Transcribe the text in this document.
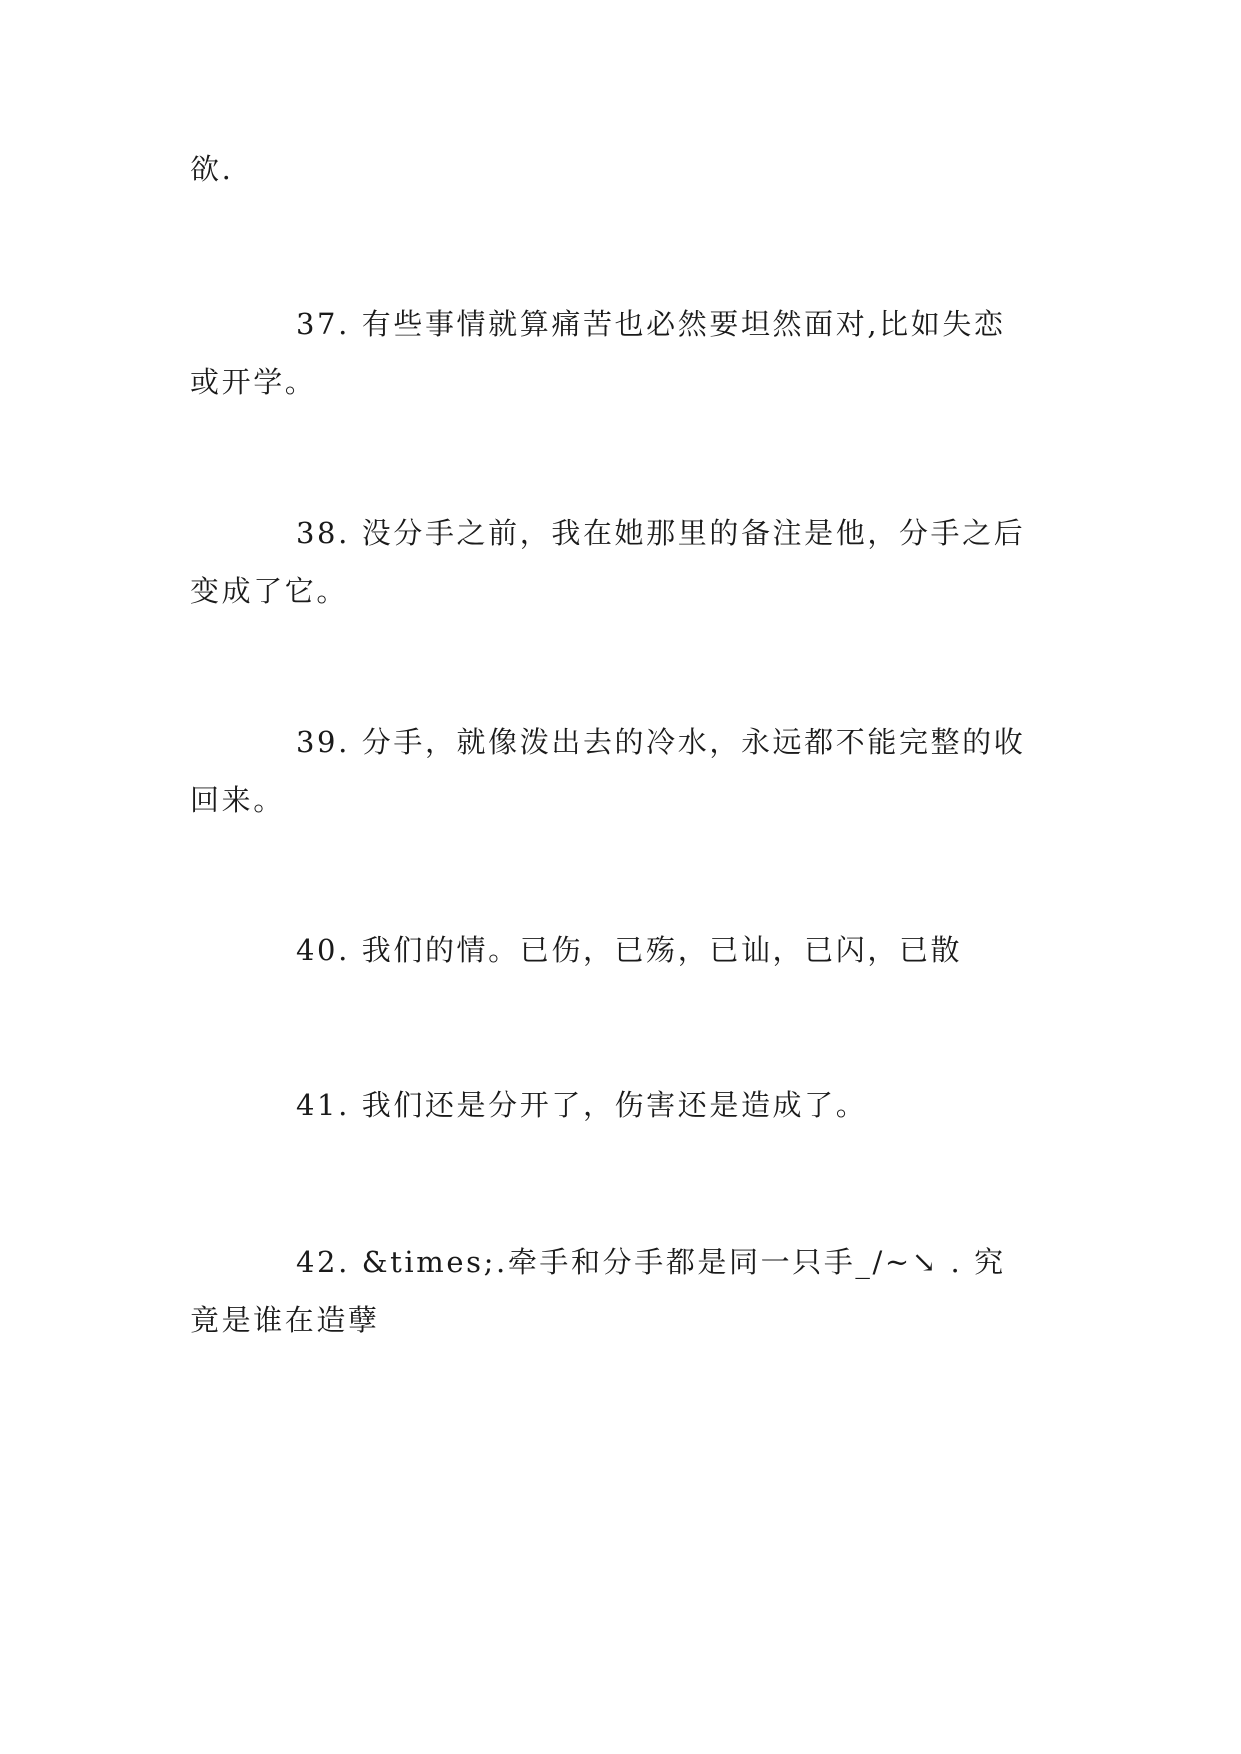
欲.

37. 有些事情就算痛苦也必然要坦然面对,比如失恋
或开学。

38. 没分手之前，我在她那里的备注是他，分手之后
变成了它。

39. 分手，就像泼出去的冷水，永远都不能完整的收
回来。

40. 我们的情。已伤，已殇，已讪，已闪，已散

41. 我们还是分开了，伤害还是造成了。

42. &times;.牵手和分手都是同一只手_/~↘ . 究
竟是谁在造孽
